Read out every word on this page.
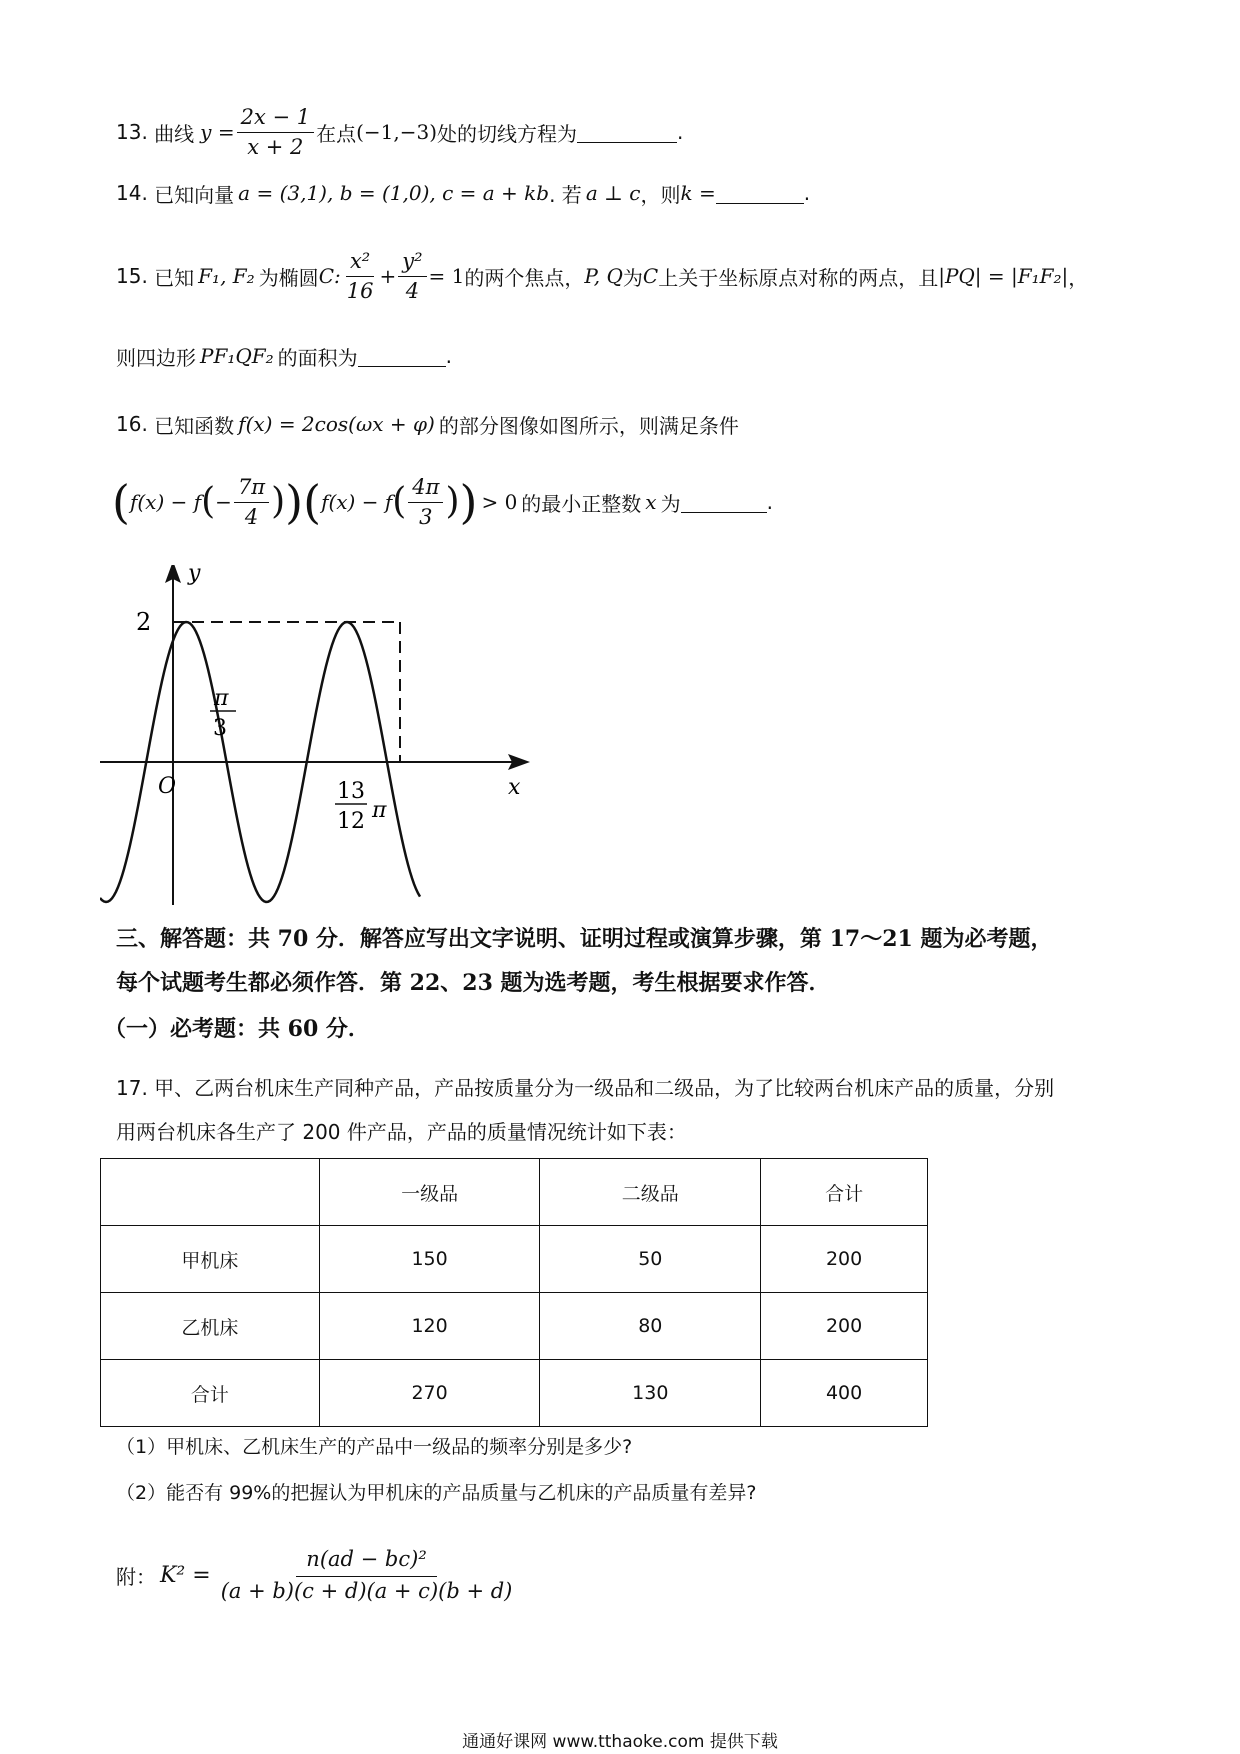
13.
曲线 $y = \frac{2x - 1}{x + 2}$ 在点 (−1,−3) 处的切线方程为	.
14.
已知向量 a = (3,1), b = (1,0), c = a + kb . 若 a ⊥ c ，则 k =	.
15.
已知 F₁, F₂ 为椭圆 C: $\frac{\text{x²}}{16} + \frac{\text{y²}}{4} = 1$ 的两个焦点， P, Q 为 C 上关于坐标原点对称的两点，且 |PQ| = |F₁F₂| ，
则四边形 PF₁QF₂ 的面积为	.
16.
已知函数 f(x) = 2cos(ωx + φ) 的部分图像如图所示，则满足条件
( f(x) − f ( − $\frac{7\pi}{4}$ ) )( f(x) − f ( $\frac{4\pi}{3}$ ) ) > 0 的最小正整数 x 为	.
y
x
O
2
π
3
13
12 π
三、解答题：共 70 分．解答应写出文字说明、证明过程或演算步骤，第 17～21 题为必考题，
每个试题考生都必须作答．第 22、23 题为选考题，考生根据要求作答．
（一）必考题：共 60 分．
17. 甲、乙两台机床生产同种产品，产品按质量分为一级品和二级品，为了比较两台机床产品的质量，分别
用两台机床各生产了 200 件产品，产品的质量情况统计如下表：
	一级品	二级品	合计
甲机床	150	50	200
乙机床	120	80	200
合计	270	130	400
（1）甲机床、乙机床生产的产品中一级品的频率分别是多少?
（2）能否有 99%的把握认为甲机床的产品质量与乙机床的产品质量有差异?
附： $K^2 = \frac{\text{n(ad − bc)²}}{(a + b)(c + d)(a + c)(b + d)}$
通通好课网 www.tthaoke.com 提供下载
